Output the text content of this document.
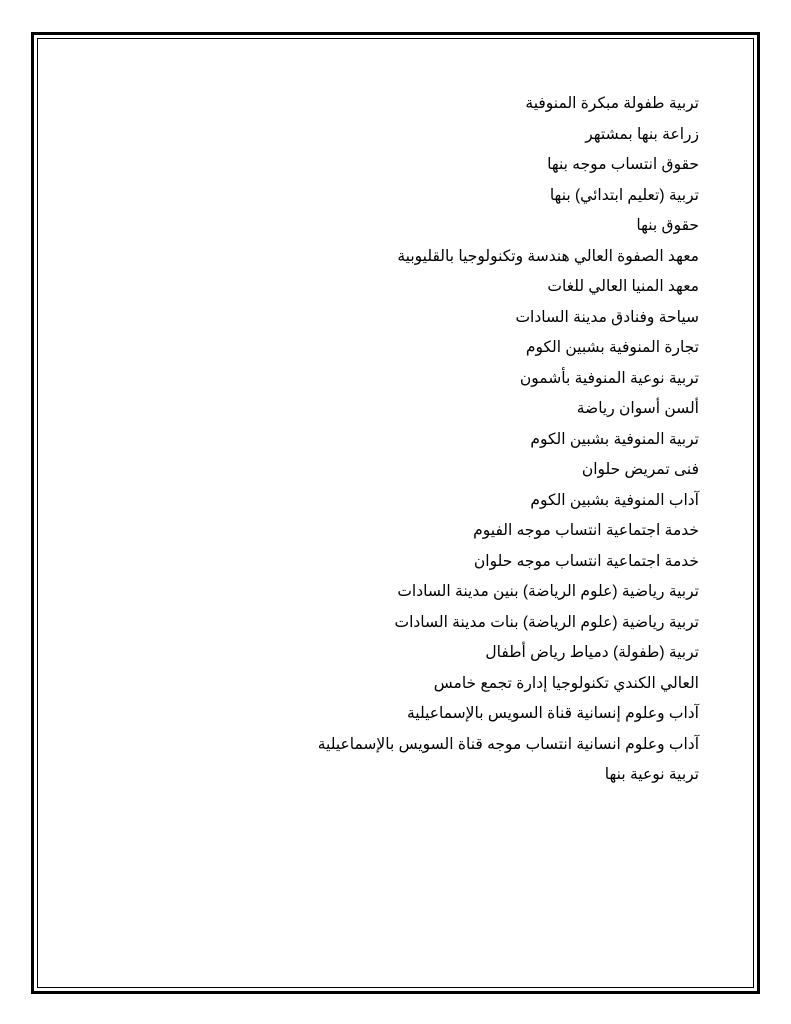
تربية طفولة مبكرة المنوفية
زراعة بنها بمشتهر
حقوق انتساب موجه بنها
تربية (تعليم ابتدائي) بنها
حقوق بنها
معهد الصفوة العالي هندسة وتكنولوجيا بالقليوبية
معهد المنيا العالي للغات
سياحة وفنادق مدينة السادات
تجارة المنوفية بشبين الكوم
تربية نوعية المنوفية بأشمون
ألسن أسوان رياضة
تربية المنوفية بشبين الكوم
فنى تمريض حلوان
آداب المنوفية بشبين الكوم
خدمة اجتماعية انتساب موجه الفيوم
خدمة اجتماعية انتساب موجه حلوان
تربية رياضية (علوم الرياضة) بنين مدينة السادات
تربية رياضية (علوم الرياضة) بنات مدينة السادات
تربية (طفولة) دمياط رياض أطفال
العالي الكندي تكنولوجيا إدارة تجمع خامس
آداب وعلوم إنسانية قناة السويس بالإسماعيلية
آداب وعلوم انسانية انتساب موجه قناة السويس بالإسماعيلية
تربية نوعية بنها
